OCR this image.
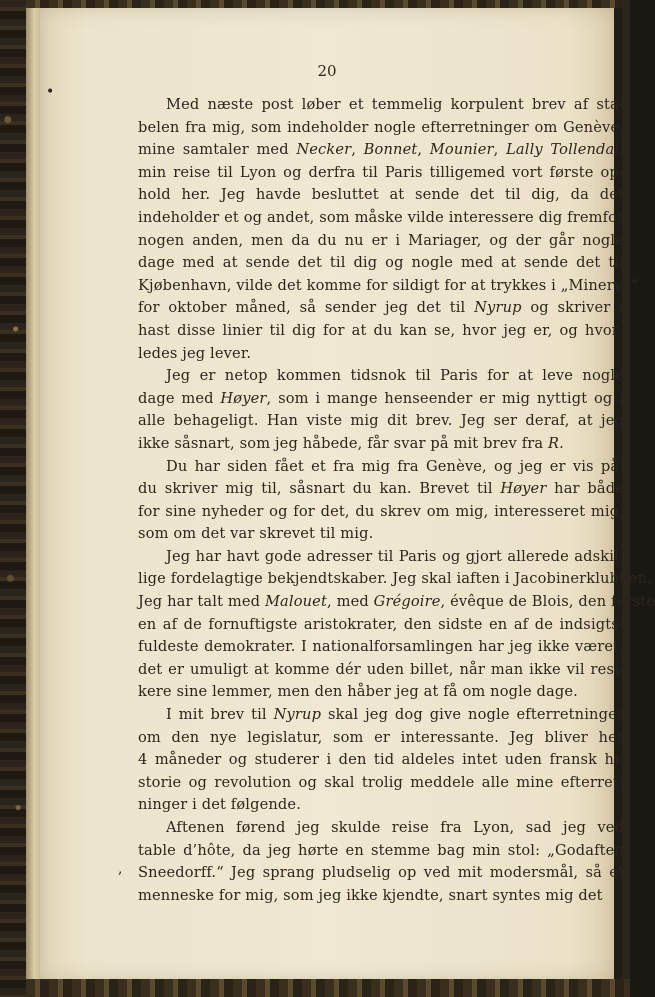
20
•
,
Med næste post løber et temmelig korpulent brev af sta-
belen fra mig, som indeholder nogle efterretninger om Genève,
mine samtaler med Necker, Bonnet, Mounier, Lally Tollendal,
min reise til Lyon og derfra til Paris tilligemed vort første op-
hold her. Jeg havde besluttet at sende det til dig, da det
indeholder et og andet, som måske vilde interessere dig fremfor
nogen anden, men da du nu er i Mariager, og der går nogle
dage med at sende det til dig og nogle med at sende det til
Kjøbenhavn, vilde det komme for sildigt for at trykkes i „Minerva“
for oktober måned, så sender jeg det til Nyrup og skriver i
hast disse linier til dig for at du kan se, hvor jeg er, og hvor-
ledes jeg lever.
Jeg er netop kommen tidsnok til Paris for at leve nogle
dage med Høyer, som i mange henseender er mig nyttigt og i
alle behageligt. Han viste mig dit brev. Jeg ser deraf, at jeg
ikke såsnart, som jeg håbede, får svar på mit brev fra R.
Du har siden fået et fra mig fra Genève, og jeg er vis på,
du skriver mig til, såsnart du kan. Brevet til Høyer har både
for sine nyheder og for det, du skrev om mig, interesseret mig,
som om det var skrevet til mig.
Jeg har havt gode adresser til Paris og gjort allerede adskil-
lige fordelagtige bekjendtskaber. Jeg skal iaften i Jacobinerklubben.
Jeg har talt med Malouet, med Grégoire, évêque de Blois, den første
en af de fornuftigste aristokrater, den sidste en af de indsigts-
fuldeste demokrater. I nationalforsamlingen har jeg ikke været,
det er umuligt at komme dér uden billet, når man ikke vil resi-
kere sine lemmer, men den håber jeg at få om nogle dage.
I mit brev til Nyrup skal jeg dog give nogle efterretninger
om den nye legislatur, som er interessante. Jeg bliver her
4 måneder og studerer i den tid aldeles intet uden fransk hi-
storie og revolution og skal trolig meddele alle mine efterret-
ninger i det følgende.
Aftenen førend jeg skulde reise fra Lyon, sad jeg ved
table d’hôte, da jeg hørte en stemme bag min stol: „Godaften
Sneedorff.“ Jeg sprang pludselig op ved mit modersmål, så et
menneske for mig, som jeg ikke kjendte, snart syntes mig det
